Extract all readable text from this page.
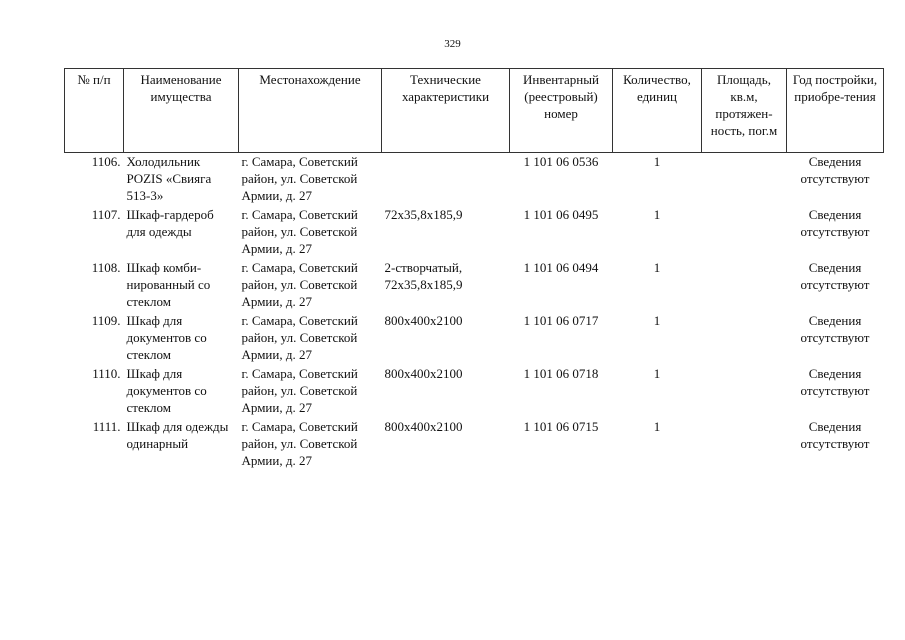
329
№ п/п	Наименование имущества	Местонахождение	Технические характеристики	Инвентарный (реестровый) номер	Количество, единиц	Площадь, кв.м, протяжен-ность, пог.м	Год постройки, приобре-тения
1106.	Холодильник POZIS «Свияга 513-3»	г. Самара, Советский район, ул. Советской Армии, д. 27		1 101 06 0536	1		Сведения отсутствуют
1107.	Шкаф-гардероб для одежды	г. Самара, Советский район, ул. Советской Армии, д. 27	72x35,8x185,9	1 101 06 0495	1		Сведения отсутствуют
1108.	Шкаф комби-нированный со стеклом	г. Самара, Советский район, ул. Советской Армии, д. 27	2-створчатый, 72x35,8x185,9	1 101 06 0494	1		Сведения отсутствуют
1109.	Шкаф для документов со стеклом	г. Самара, Советский район, ул. Советской Армии, д. 27	800x400x2100	1 101 06 0717	1		Сведения отсутствуют
1110.	Шкаф для документов со стеклом	г. Самара, Советский район, ул. Советской Армии, д. 27	800x400x2100	1 101 06 0718	1		Сведения отсутствуют
1111.	Шкаф для одежды одинарный	г. Самара, Советский район, ул. Советской Армии, д. 27	800x400x2100	1 101 06 0715	1		Сведения отсутствуют
